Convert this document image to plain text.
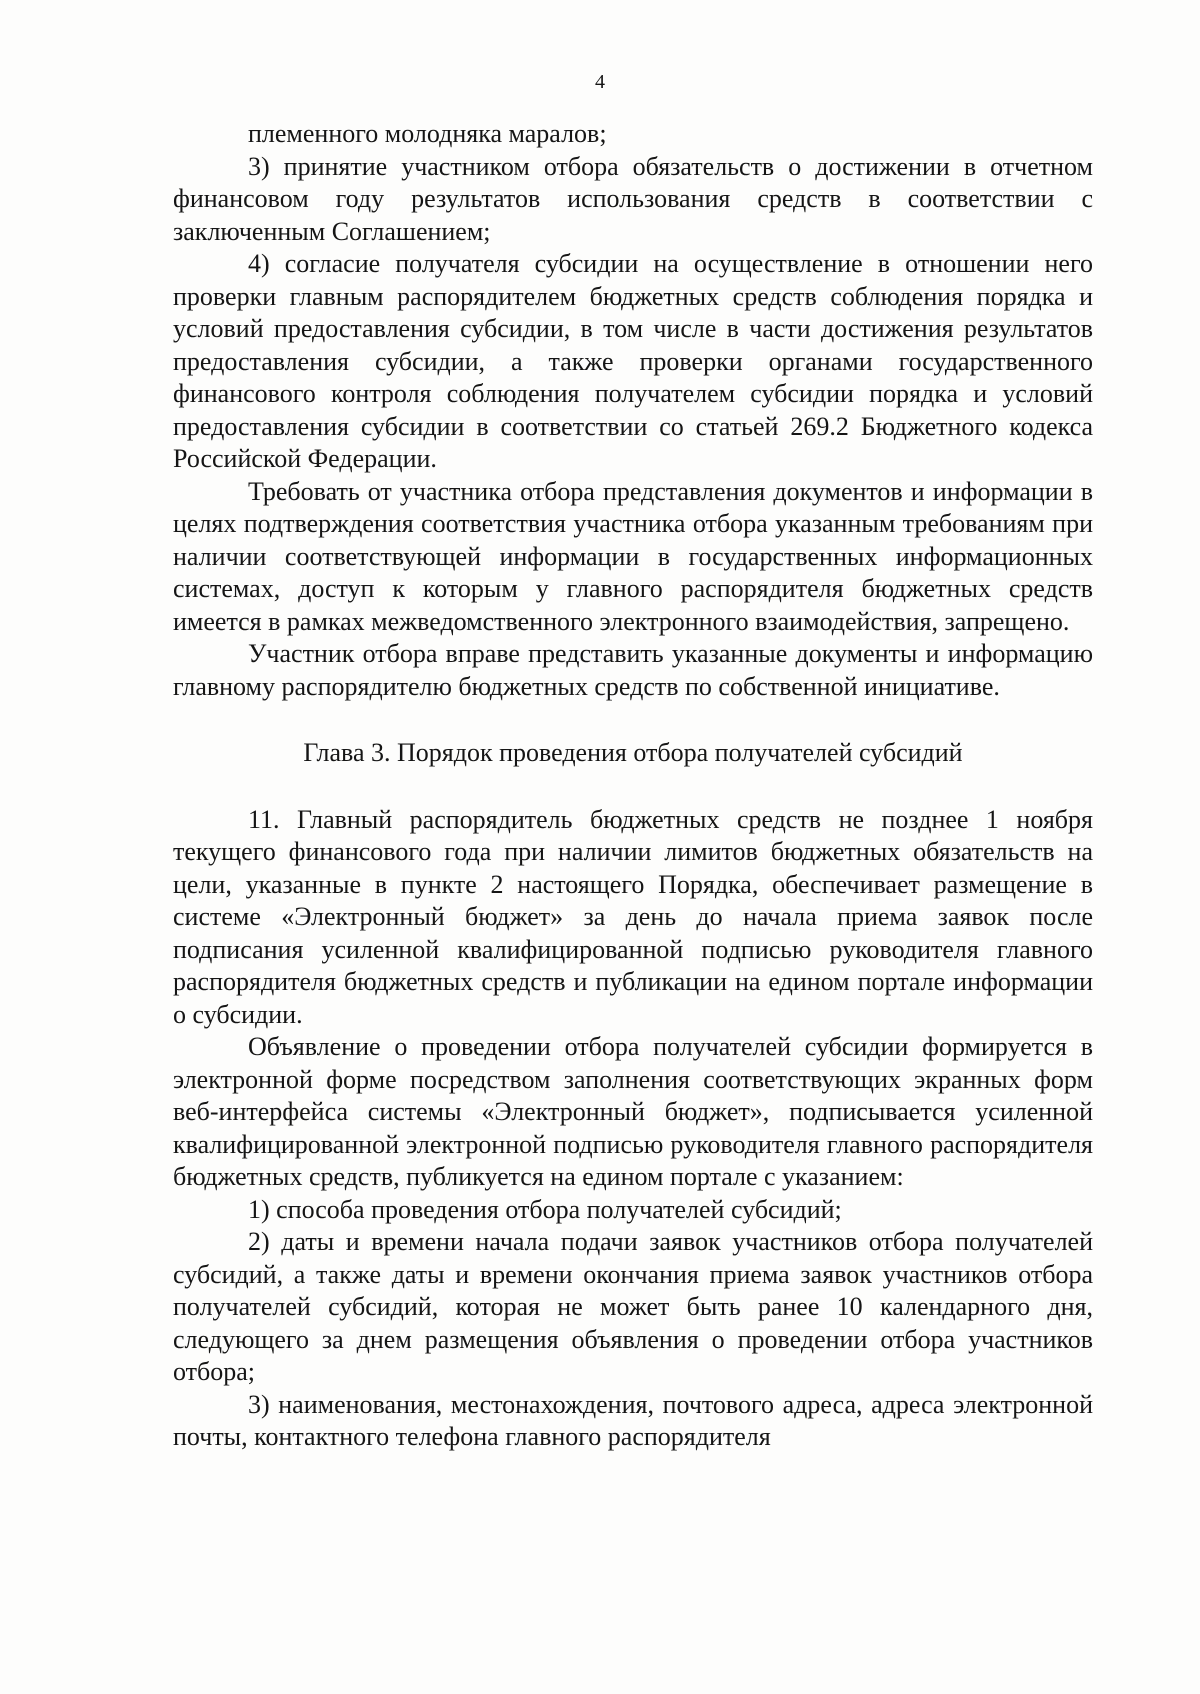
4

племенного молодняка маралов;

3) принятие участником отбора обязательств о достижении в отчетном финансовом году результатов использования средств в соответствии с заключенным Соглашением;

4) согласие получателя субсидии на осуществление в отношении него проверки главным распорядителем бюджетных средств соблюдения порядка и условий предоставления субсидии, в том числе в части достижения результатов предоставления субсидии, а также проверки органами государственного финансового контроля соблюдения получателем субсидии порядка и условий предоставления субсидии в соответствии со статьей 269.2 Бюджетного кодекса Российской Федерации.

Требовать от участника отбора представления документов и информации в целях подтверждения соответствия участника отбора указанным требованиям при наличии соответствующей информации в государственных информационных системах, доступ к которым у главного распорядителя бюджетных средств имеется в рамках межведомственного электронного взаимодействия, запрещено.

Участник отбора вправе представить указанные документы и информацию главному распорядителю бюджетных средств по собственной инициативе.

Глава 3. Порядок проведения отбора получателей субсидий

11. Главный распорядитель бюджетных средств не позднее 1 ноября текущего финансового года при наличии лимитов бюджетных обязательств на цели, указанные в пункте 2 настоящего Порядка, обеспечивает размещение в системе «Электронный бюджет» за день до начала приема заявок после подписания усиленной квалифицированной подписью руководителя главного распорядителя бюджетных средств и публикации на едином портале информации о субсидии.

Объявление о проведении отбора получателей субсидии формируется в электронной форме посредством заполнения соответствующих экранных форм веб-интерфейса системы «Электронный бюджет», подписывается усиленной квалифицированной электронной подписью руководителя главного распорядителя бюджетных средств, публикуется на едином портале с указанием:

1) способа проведения отбора получателей субсидий;

2) даты и времени начала подачи заявок участников отбора получателей субсидий, а также даты и времени окончания приема заявок участников отбора получателей субсидий, которая не может быть ранее 10 календарного дня, следующего за днем размещения объявления о проведении отбора участников отбора;

3) наименования, местонахождения, почтового адреса, адреса электронной почты, контактного телефона главного распорядителя
